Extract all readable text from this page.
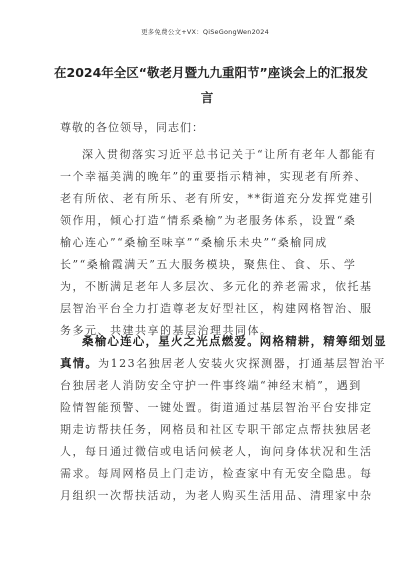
更多免费公文+VX：QiSeGongWen2024
在2024年全区“敬老月暨九九重阳节”座谈会上的汇报发
言
尊敬的各位领导，同志们：
深入贯彻落实习近平总书记关于“让所有老年人都能有
一个幸福美满的晚年”的重要指示精神，实现老有所养、
老有所依、老有所乐、老有所安，**街道充分发挥党建引
领作用，倾心打造“情系桑榆”为老服务体系，设置“桑
榆心连心”“桑榆至味享”“桑榆乐未央”“桑榆同成
长”“桑榆霞满天”五大服务模块，聚焦住、食、乐、学
为，不断满足老年人多层次、多元化的养老需求，依托基
层智治平台全力打造尊老友好型社区，构建网格智治、服
务多元、共建共享的基层治理共同体。
桑榆心连心，星火之光点燃爱。网格精耕，精筹细划显
真情。为123名独居老人安装火灾探测器，打通基层智治平
台独居老人消防安全守护一件事终端“神经末梢”，遇到
险情智能预警、一键处置。街道通过基层智治平台安排定
期走访帮扶任务，网格员和社区专职干部定点帮扶独居老
人，每日通过微信或电话问候老人，询问身体状况和生活
需求。每周网格员上门走访，检查家中有无安全隐患。每
月组织一次帮扶活动，为老人购买生活用品、清理家中杂
